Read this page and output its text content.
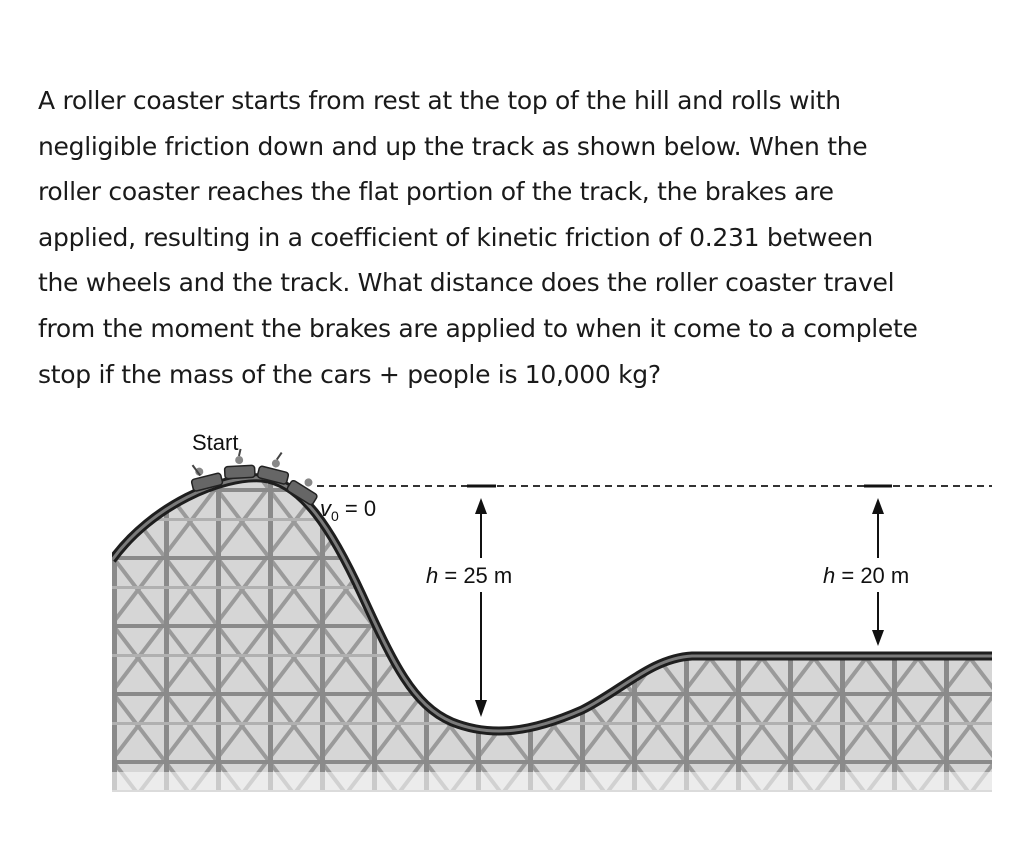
A roller coaster starts from rest at the top of the hill and rolls with
negligible friction down and up the track as shown below. When the
roller coaster reaches the flat portion of the track, the brakes are
applied, resulting in a coefficient of kinetic friction of 0.231 between
the wheels and the track. What distance does the roller coaster travel
from the moment the brakes are applied to when it come to a complete
stop if the mass of the cars + people is 10,000 kg?
Start
$v_0 = 0$
h = 25 m	h = 20 m
